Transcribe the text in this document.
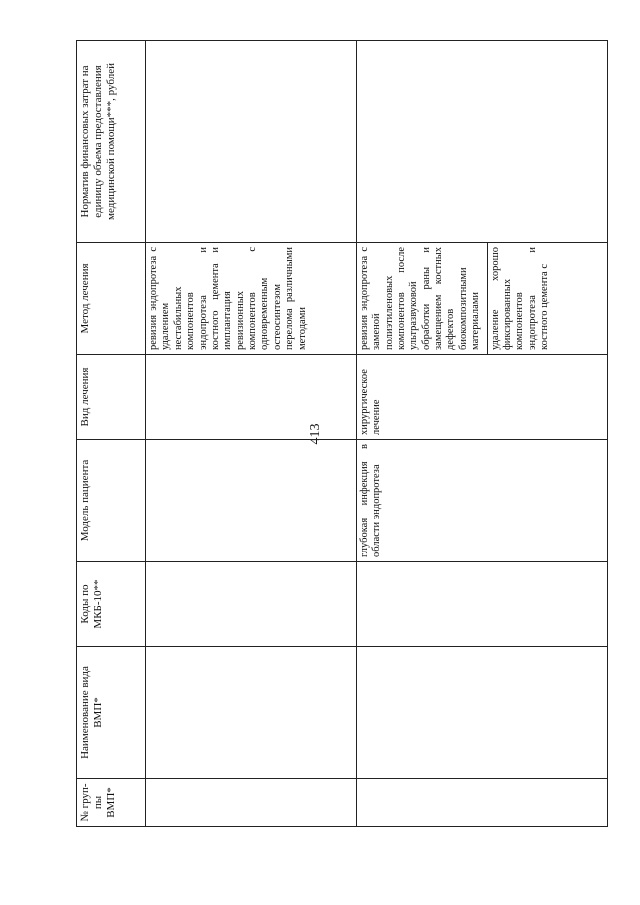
413
№ груп-пы ВМП*	Наименование вида ВМП*	Коды по МКБ-10**	Модель пациента	Вид лечения	Метод лечения	Норматив финансовых затрат на единицу объема предоставления медицинской помощи***, рублей
					ревизия эндопротеза с удалением нестабильных компонентов эндопротеза и костного цемента и имплантация ревизионных компонентов с одновременным остеосинтезом перелома различными методами	
			глубокая инфекция в области эндопротеза	хирургическое лечение	ревизия эндопротеза с заменой полиэтиленовых компонентов после ультразвуковой обработки раны и замещением костных дефектов биокомпозитными материалами удаление хорошо фиксированных компонентов эндопротеза и костного цемента с	
